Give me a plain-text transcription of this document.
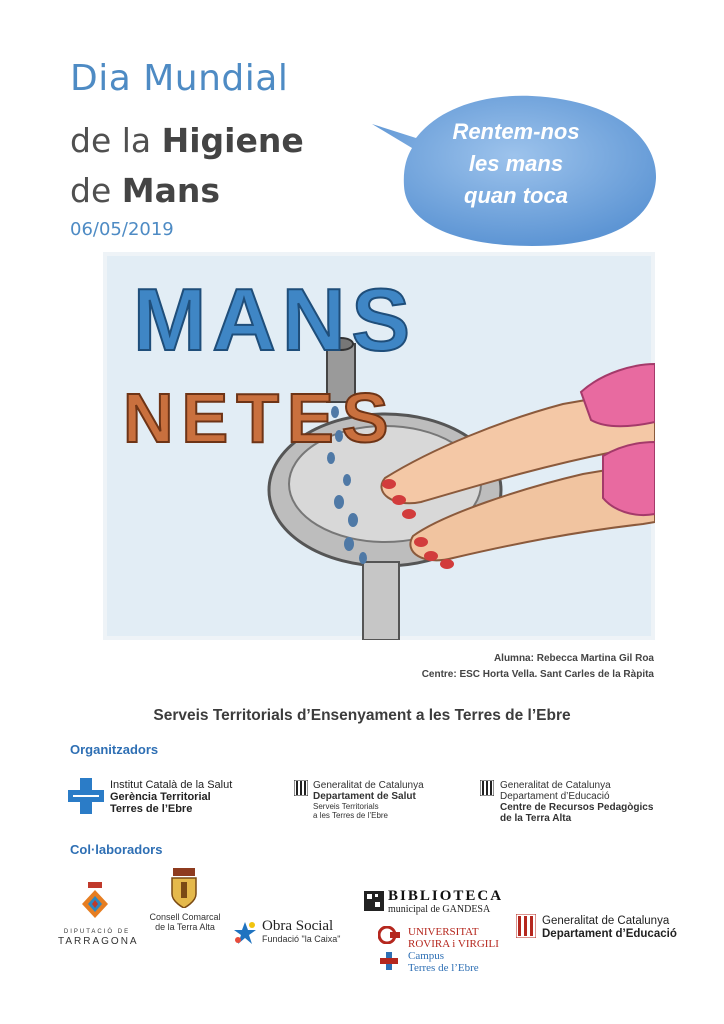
Dia Mundial
de la Higiene
de Mans
06/05/2019
Rentem-nos
les mans
quan toca
MANS
NETES
Alumna: Rebecca Martina Gil Roa
Centre: ESC Horta Vella. Sant Carles de la Ràpita
Serveis Territorials d’Ensenyament a les Terres de l’Ebre
Organitzadors
Institut Català de la Salut
Gerència Territorial
Terres de l’Ebre
Generalitat de Catalunya
Departament de Salut
Serveis Territorials
a les Terres de l’Ebre
Generalitat de Catalunya
Departament d’Educació
Centre de Recursos Pedagògics
de la Terra Alta
Col·laboradors
DIPUTACIÓ DE
TARRAGONA
Consell Comarcal
de la Terra Alta	Obra Social
Fundació "la Caixa"
BIBLIOTECA
municipal de GANDESA
UNIVERSITAT
ROVIRA i VIRGILI
Campus
Terres de l’Ebre
Generalitat de Catalunya
Departament d’Educació
